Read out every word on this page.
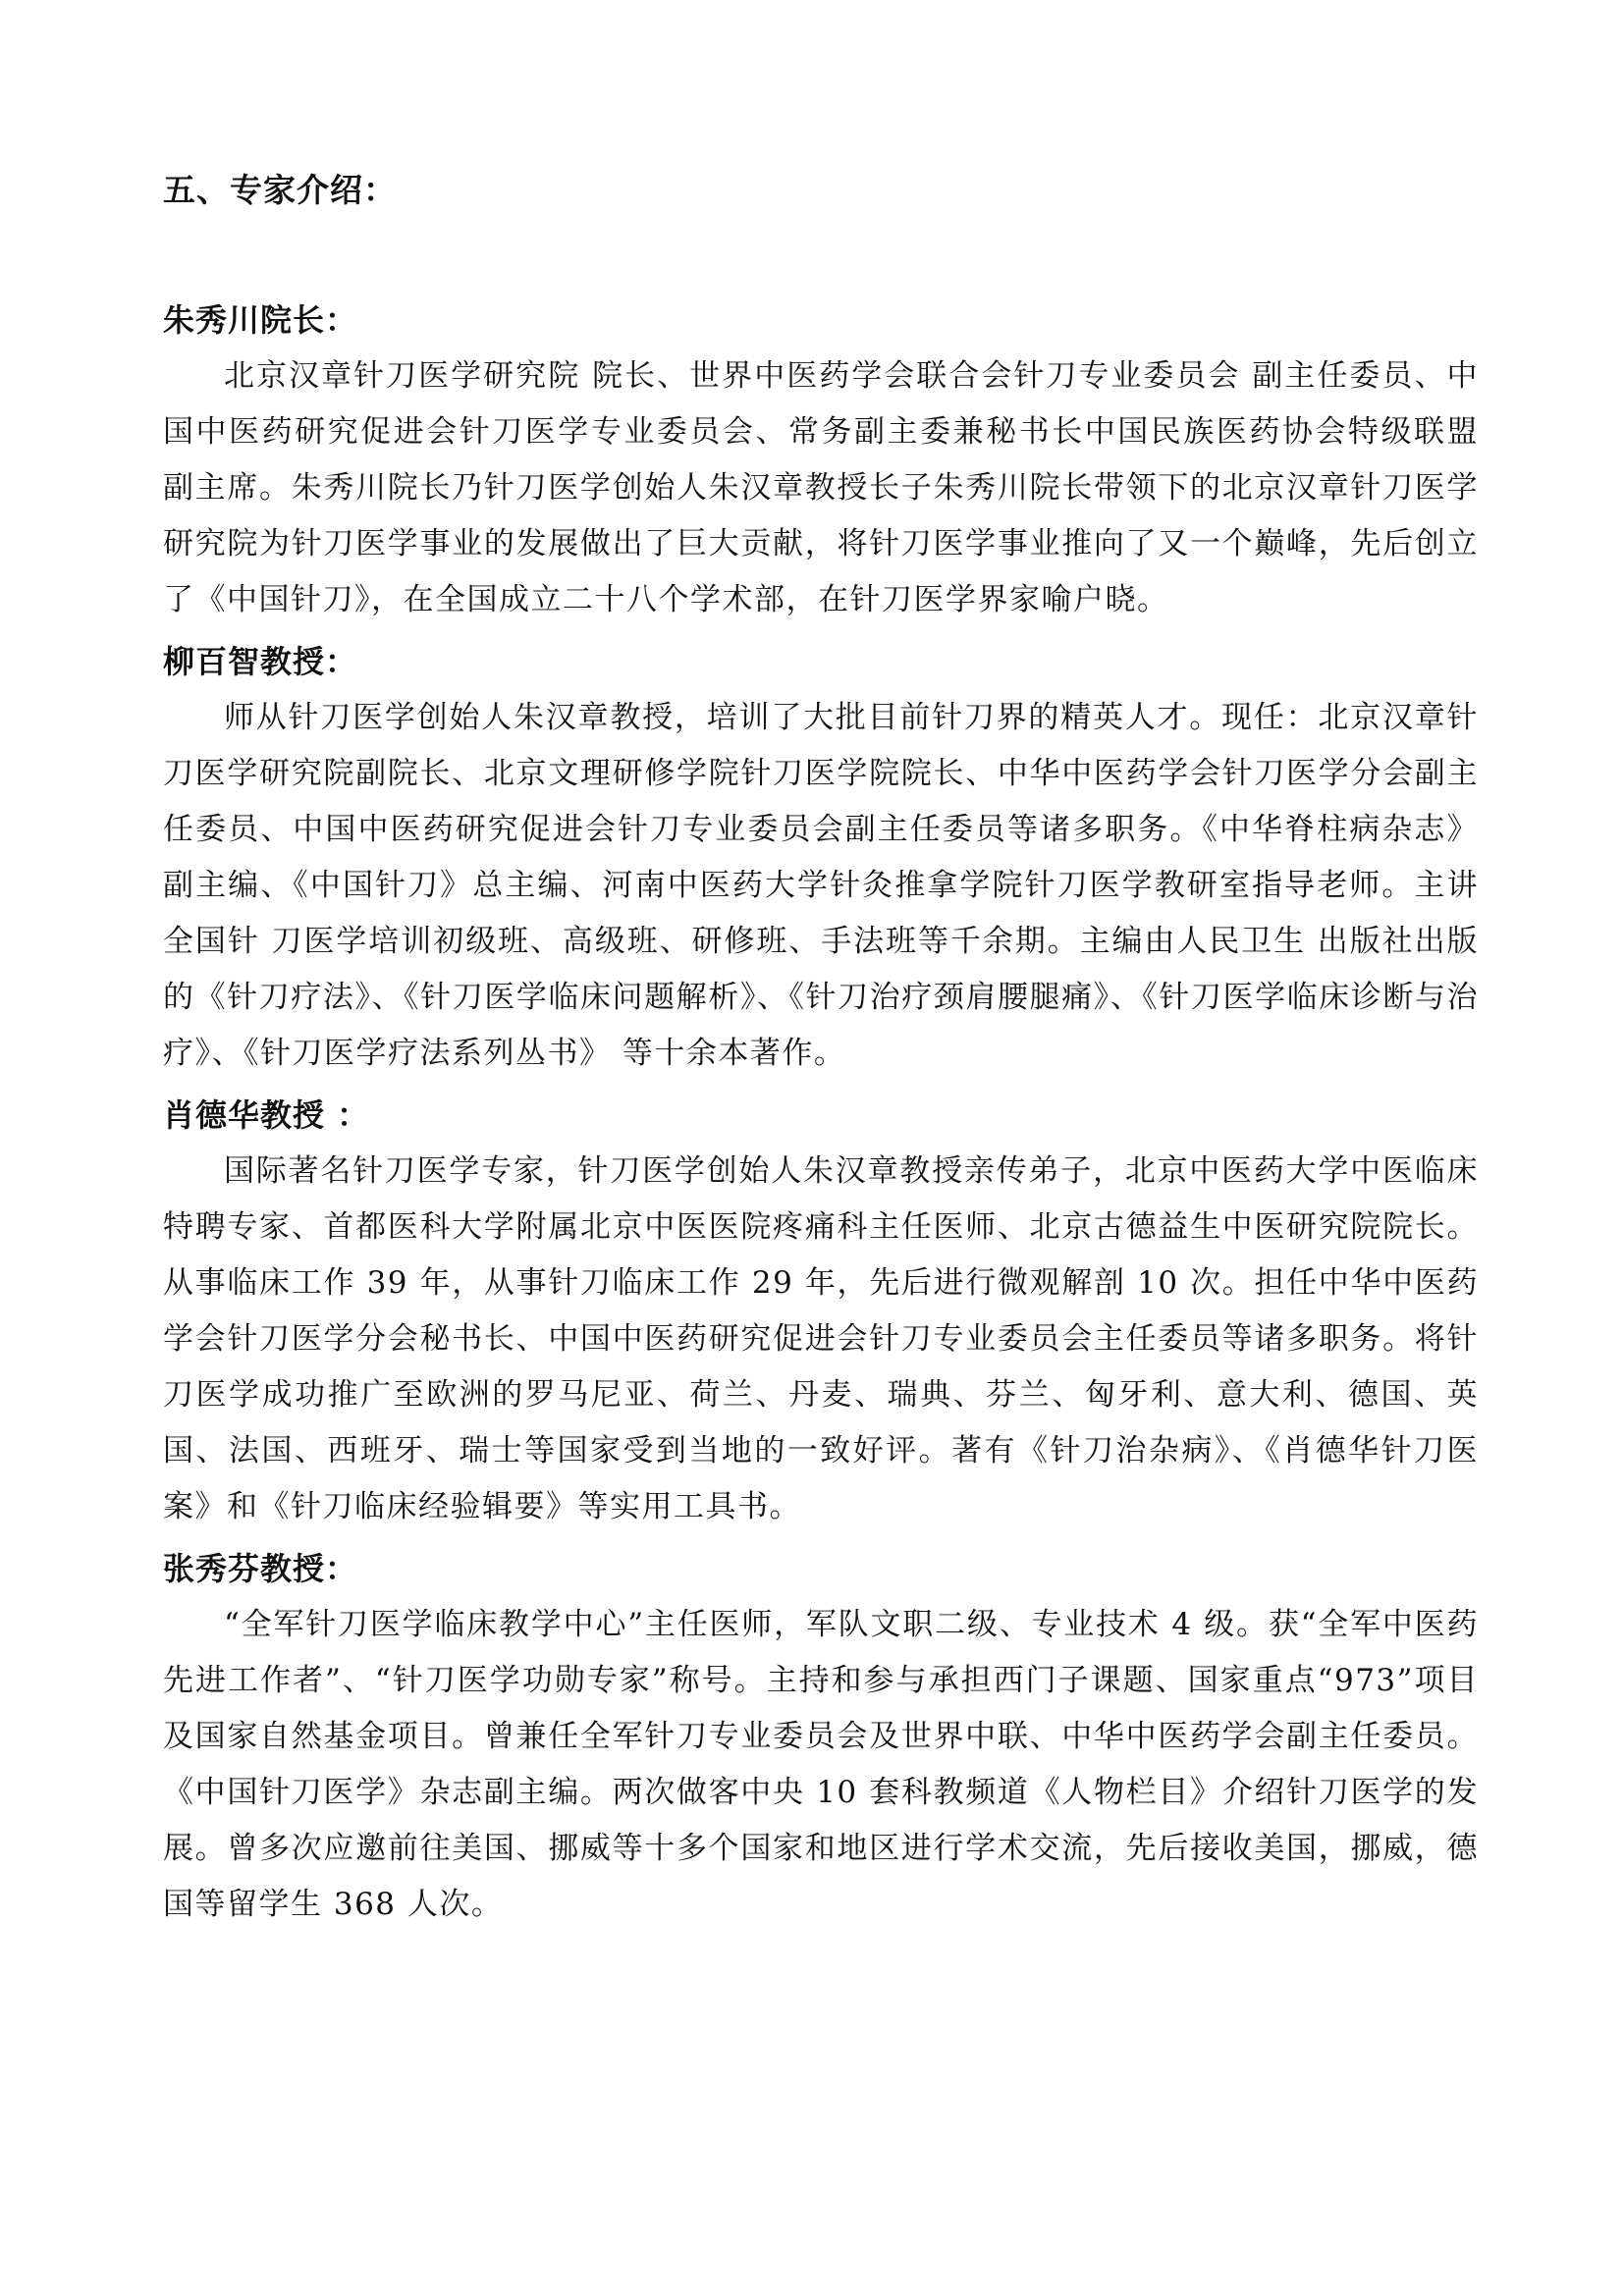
五、专家介绍：
朱秀川院长：

北京汉章针刀医学研究院 院长、世界中医药学会联合会针刀专业委员会 副主任委员、中国中医药研究促进会针刀医学专业委员会、常务副主委兼秘书长中国民族医药协会特级联盟 副主席。朱秀川院长乃针刀医学创始人朱汉章教授长子朱秀川院长带领下的北京汉章针刀医学研究院为针刀医学事业的发展做出了巨大贡献，将针刀医学事业推向了又一个巅峰，先后创立了《中国针刀》，在全国成立二十八个学术部，在针刀医学界家喻户晓。

柳百智教授：

师从针刀医学创始人朱汉章教授，培训了大批目前针刀界的精英人才。现任：北京汉章针刀医学研究院副院长、北京文理研修学院针刀医学院院长、中华中医药学会针刀医学分会副主任委员、中国中医药研究促进会针刀专业委员会副主任委员等诸多职务。《中华脊柱病杂志》副主编、《中国针刀》总主编、河南中医药大学针灸推拿学院针刀医学教研室指导老师。主讲全国针 刀医学培训初级班、高级班、研修班、手法班等千余期。主编由人民卫生 出版社出版的《针刀疗法》、《针刀医学临床问题解析》、《针刀治疗颈肩腰腿痛》、《针刀医学临床诊断与治疗》、《针刀医学疗法系列丛书》 等十余本著作。

肖德华教授 ：

国际著名针刀医学专家，针刀医学创始人朱汉章教授亲传弟子，北京中医药大学中医临床特聘专家、首都医科大学附属北京中医医院疼痛科主任医师、北京古德益生中医研究院院长。从事临床工作 39 年，从事针刀临床工作 29 年，先后进行微观解剖 10 次。担任中华中医药学会针刀医学分会秘书长、中国中医药研究促进会针刀专业委员会主任委员等诸多职务。将针刀医学成功推广至欧洲的罗马尼亚、荷兰、丹麦、瑞典、芬兰、匈牙利、意大利、德国、英国、法国、西班牙、瑞士等国家受到当地的一致好评。著有《针刀治杂病》、《肖德华针刀医案》和《针刀临床经验辑要》等实用工具书。

张秀芬教授：

“全军针刀医学临床教学中心”主任医师，军队文职二级、专业技术 4 级。获“全军中医药先进工作者”、“针刀医学功勋专家”称号。主持和参与承担西门子课题、国家重点“973”项目及国家自然基金项目。曾兼任全军针刀专业委员会及世界中联、中华中医药学会副主任委员。《中国针刀医学》杂志副主编。两次做客中央 10 套科教频道《人物栏目》介绍针刀医学的发展。曾多次应邀前往美国、挪威等十多个国家和地区进行学术交流，先后接收美国，挪威，德国等留学生 368 人次。
